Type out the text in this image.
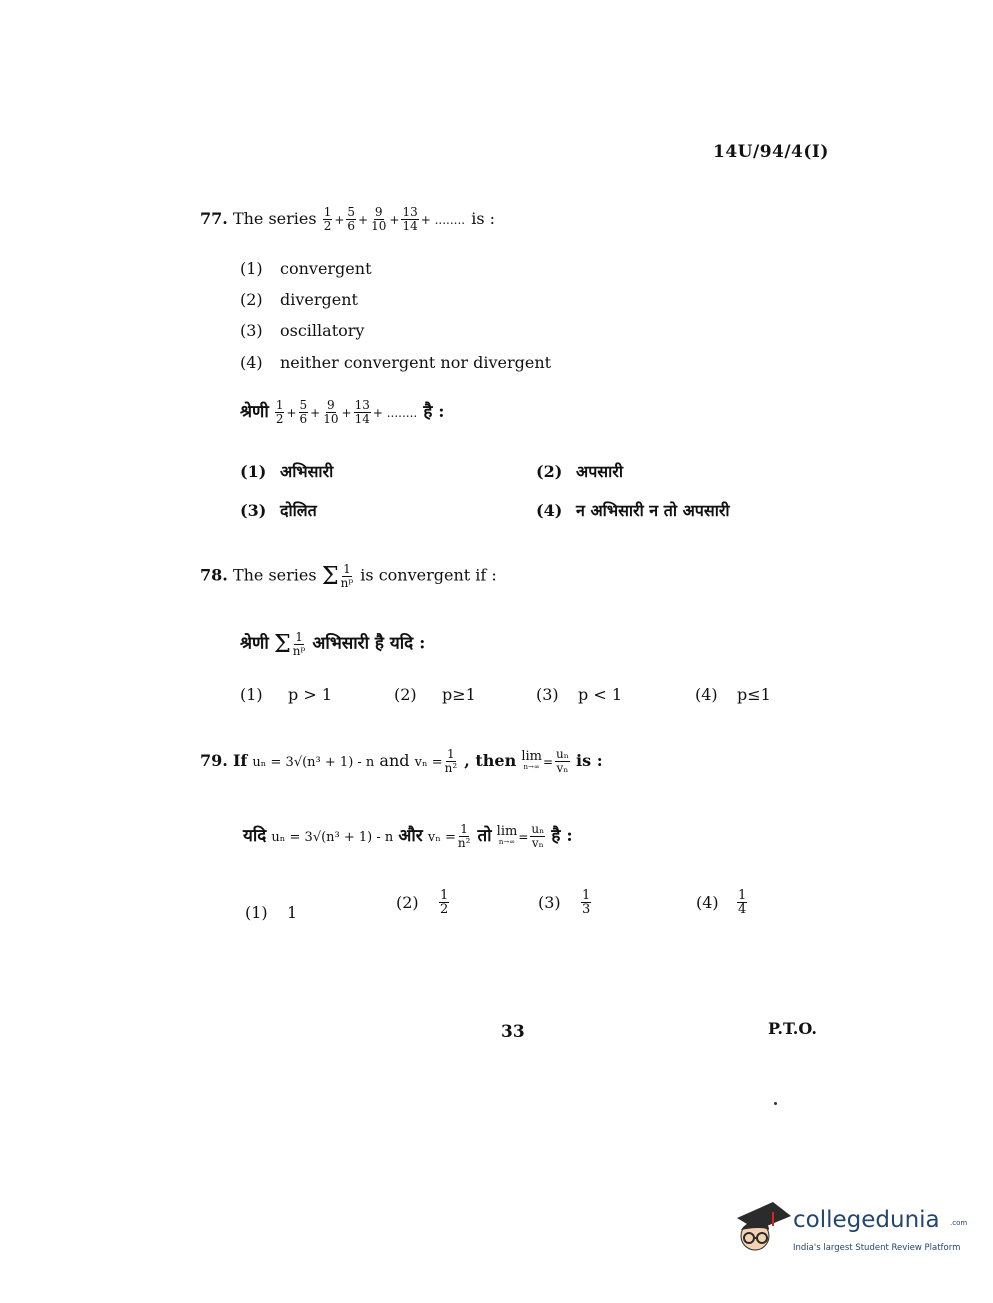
14U/94/4(I)
77. The series $\frac{1}{2} + \frac{5}{6} + \frac{9}{10} + \frac{13}{14}$ + ........ is :
(1) convergent
(2) divergent
(3) oscillatory
(4) neither convergent nor divergent
श्रेणी $\frac{1}{2} + \frac{5}{6} + \frac{9}{10} + \frac{13}{14}$ + ........ है :
(1) अभिसारी	(2) अपसारी
(3) दोलित	(4) न अभिसारी न तो अपसारी
78. The series Σ $\frac{1}{\text{nᵖ}}$ is convergent if :
श्रेणी Σ $\frac{1}{\text{nᵖ}}$ अभिसारी है यदि :
(1) p > 1	(2) p≥1	(3) p < 1	(4) p≤1
79. If uₙ = 3√(n³ + 1) - n and $v_n = \frac{1}{\text{n²}}$ , then lim
$n\to\infty = \frac{\text{uₙ}}{\text{vₙ}}$ is :
यदि uₙ = 3√(n³ + 1) - n और $v_n = \frac{1}{\text{n²}}$ तो lim
$n\to\infty = \frac{\text{uₙ}}{\text{vₙ}}$ है :
(1) 1
$(2) \frac{1}{2}$	$(3) \frac{1}{3}$	$(4) \frac{1}{4}$
33	P.T.O.
collegedunia .com
India's largest Student Review Platform
